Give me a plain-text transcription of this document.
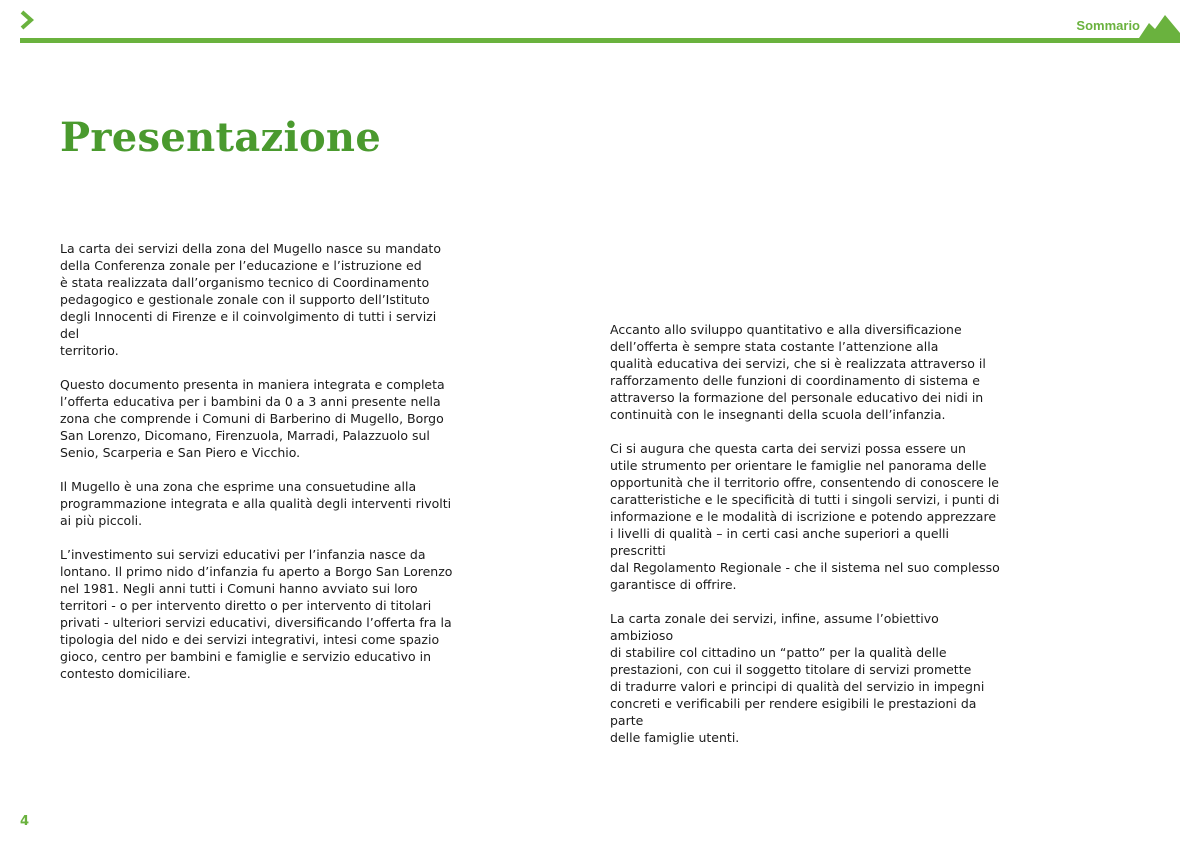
Sommario
Presentazione

La carta dei servizi della zona del Mugello nasce su mandato
della Conferenza zonale per l’educazione e l’istruzione ed
è stata realizzata dall’organismo tecnico di Coordinamento
pedagogico e gestionale zonale con il supporto dell’Istituto
degli Innocenti di Firenze e il coinvolgimento di tutti i servizi del
territorio.

Questo documento presenta in maniera integrata e completa
l’offerta educativa per i bambini da 0 a 3 anni presente nella
zona che comprende i Comuni di Barberino di Mugello, Borgo
San Lorenzo, Dicomano, Firenzuola, Marradi, Palazzuolo sul
Senio, Scarperia e San Piero e Vicchio.

Il Mugello è una zona che esprime una consuetudine alla
programmazione integrata e alla qualità degli interventi rivolti
ai più piccoli.

L’investimento sui servizi educativi per l’infanzia nasce da
lontano. Il primo nido d’infanzia fu aperto a Borgo San Lorenzo
nel 1981. Negli anni tutti i Comuni hanno avviato sui loro
territori - o per intervento diretto o per intervento di titolari
privati - ulteriori servizi educativi, diversificando l’offerta fra la
tipologia del nido e dei servizi integrativi, intesi come spazio
gioco, centro per bambini e famiglie e servizio educativo in
contesto domiciliare.

Accanto allo sviluppo quantitativo e alla diversificazione
dell’offerta è sempre stata costante l’attenzione alla
qualità educativa dei servizi, che si è realizzata attraverso il
rafforzamento delle funzioni di coordinamento di sistema e
attraverso la formazione del personale educativo dei nidi in
continuità con le insegnanti della scuola dell’infanzia.

Ci si augura che questa carta dei servizi possa essere un
utile strumento per orientare le famiglie nel panorama delle
opportunità che il territorio offre, consentendo di conoscere le
caratteristiche e le specificità di tutti i singoli servizi, i punti di
informazione e le modalità di iscrizione e potendo apprezzare
i livelli di qualità – in certi casi anche superiori a quelli prescritti
dal Regolamento Regionale - che il sistema nel suo complesso
garantisce di offrire.

La carta zonale dei servizi, infine, assume l’obiettivo ambizioso
di stabilire col cittadino un “patto” per la qualità delle
prestazioni, con cui il soggetto titolare di servizi promette
di tradurre valori e principi di qualità del servizio in impegni
concreti e verificabili per rendere esigibili le prestazioni da parte
delle famiglie utenti.

4
